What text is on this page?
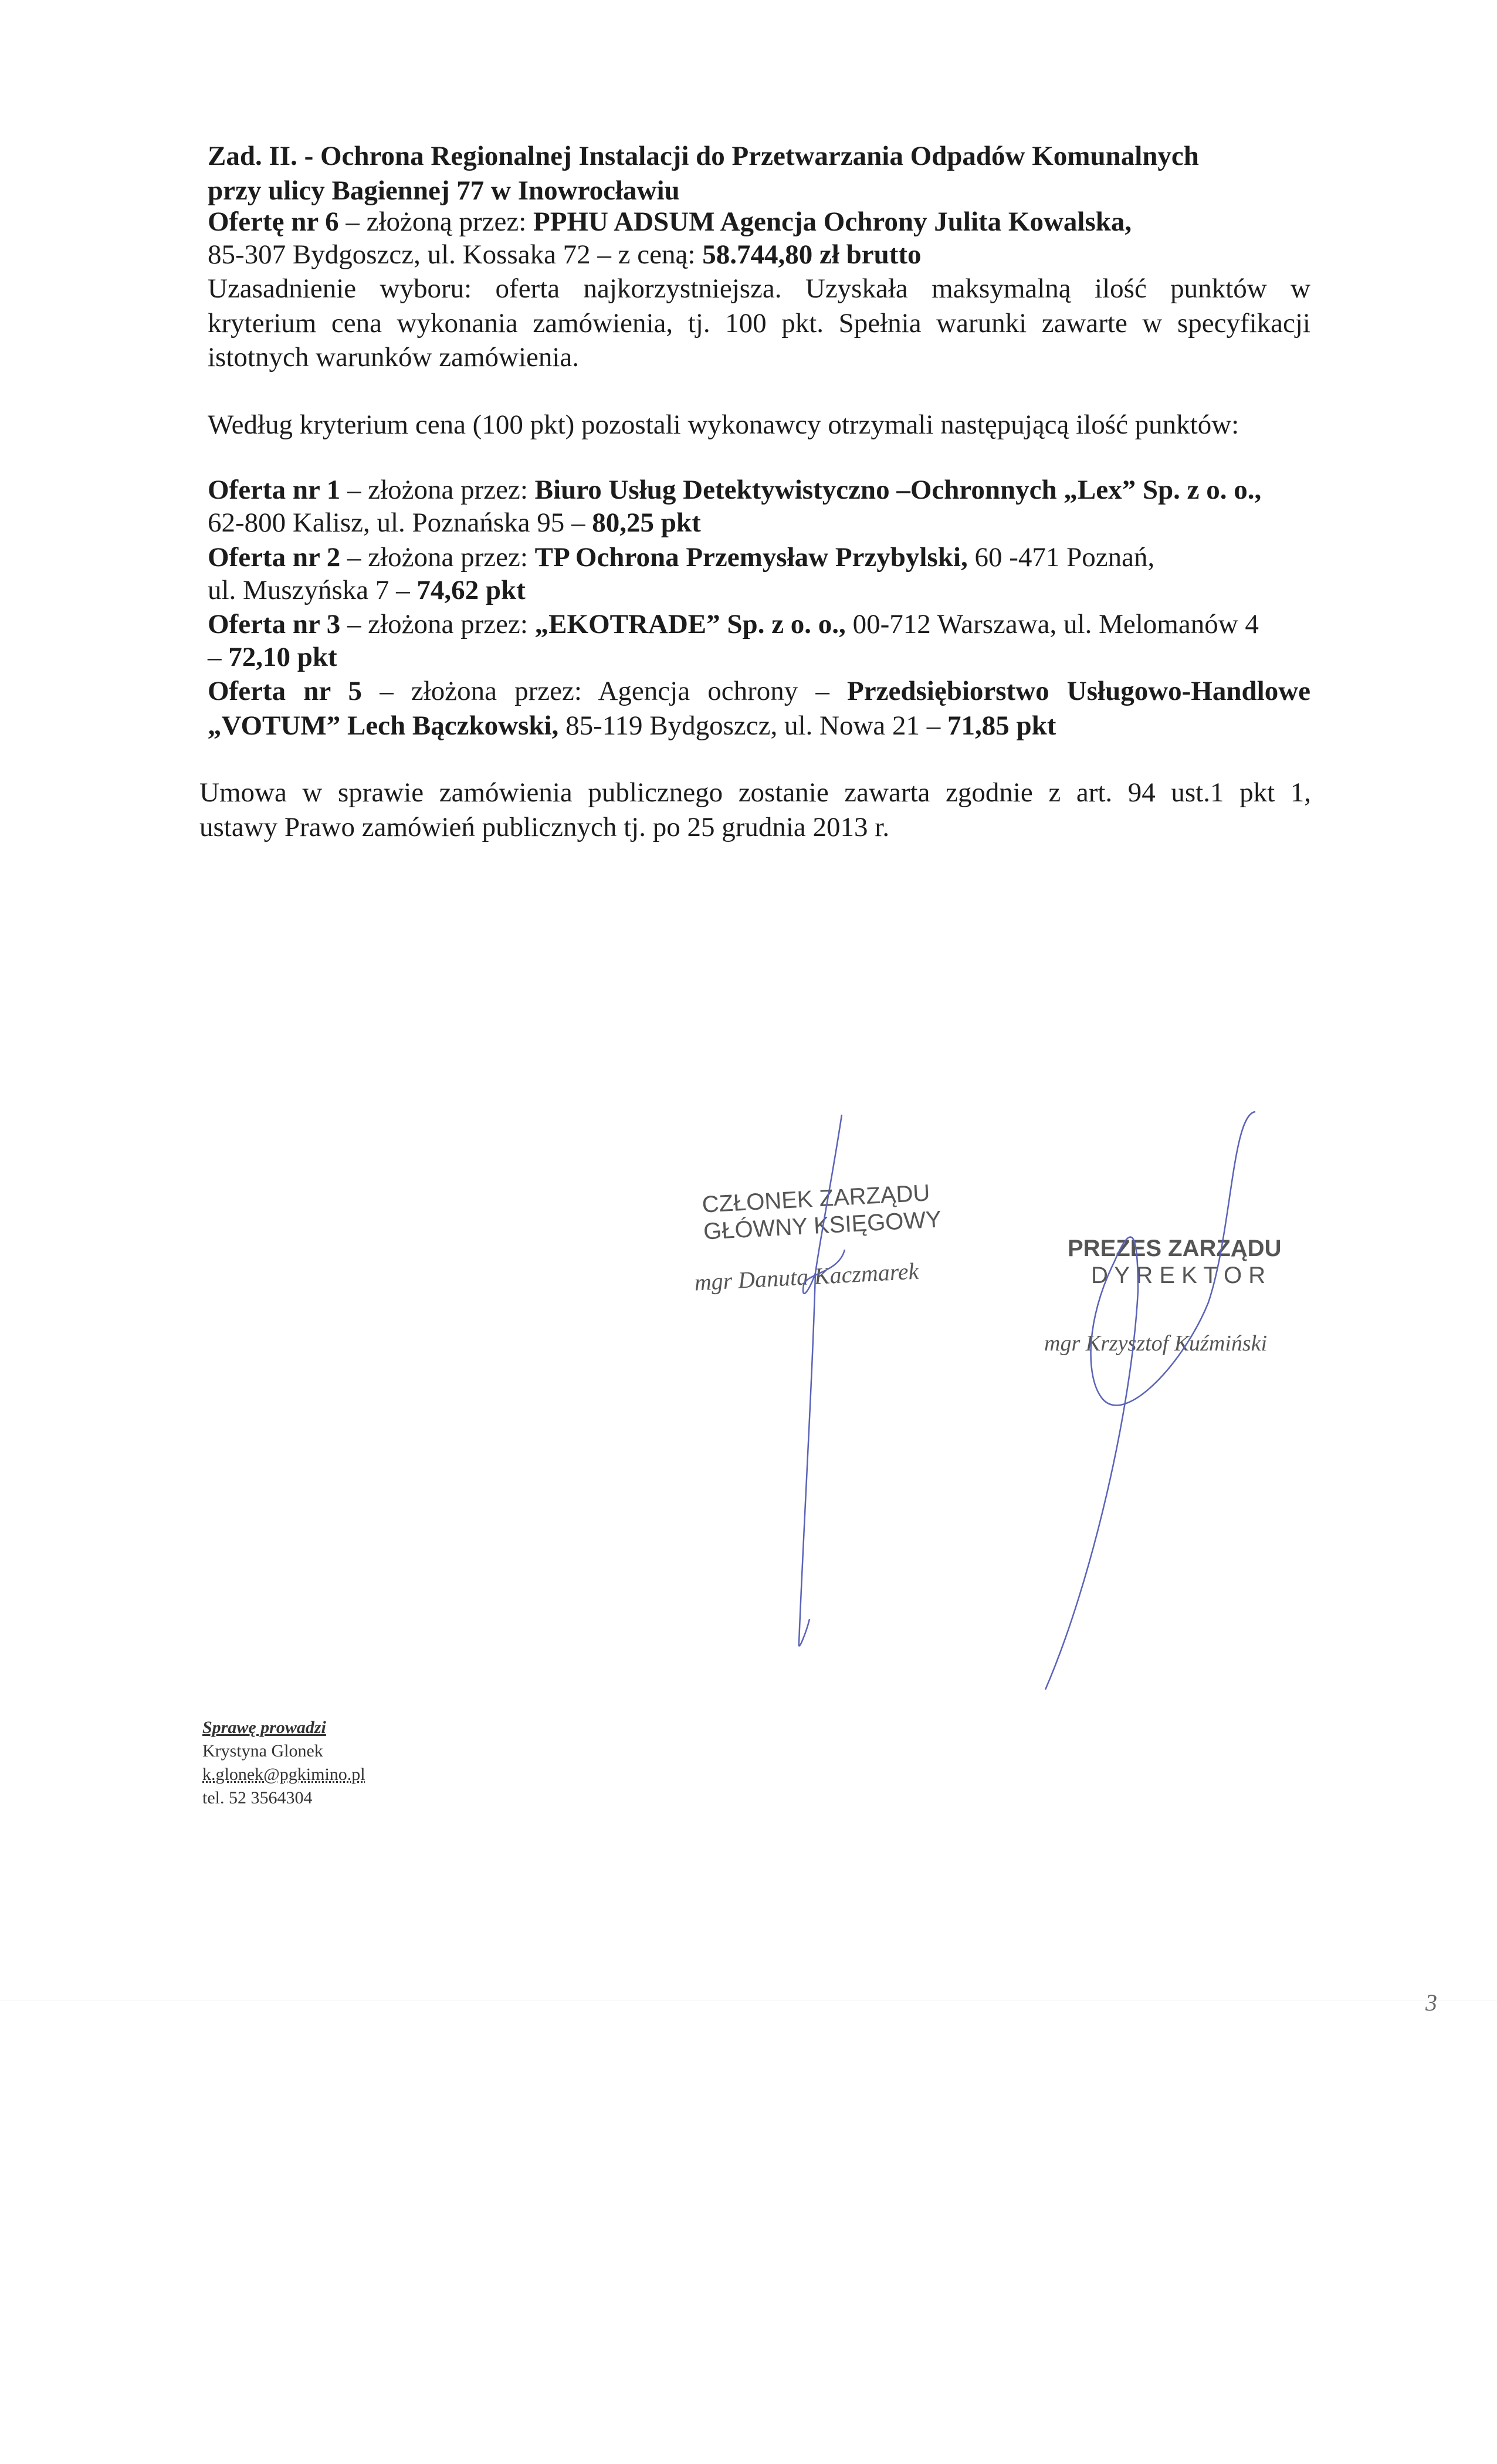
Zad. II. - Ochrona Regionalnej Instalacji do Przetwarzania Odpadów Komunalnych
przy ulicy Bagiennej 77 w Inowrocławiu
Ofertę nr 6 – złożoną przez: PPHU ADSUM Agencja Ochrony Julita Kowalska,
85-307 Bydgoszcz, ul. Kossaka 72 – z ceną: 58.744,80 zł brutto
Uzasadnienie wyboru: oferta najkorzystniejsza. Uzyskała maksymalną ilość punktów w
kryterium cena wykonania zamówienia, tj. 100 pkt. Spełnia warunki zawarte w specyfikacji
istotnych warunków zamówienia.
Według kryterium cena (100 pkt) pozostali wykonawcy otrzymali następującą ilość punktów:
Oferta nr 1 – złożona przez: Biuro Usług Detektywistyczno –Ochronnych „Lex” Sp. z o. o.,
62-800 Kalisz, ul. Poznańska 95 – 80,25 pkt
Oferta nr 2 – złożona przez: TP Ochrona Przemysław Przybylski, 60 -471 Poznań,
ul. Muszyńska 7 – 74,62 pkt
Oferta nr 3 – złożona przez: „EKOTRADE” Sp. z o. o., 00-712 Warszawa, ul. Melomanów 4
– 72,10 pkt
Oferta nr 5 – złożona przez: Agencja ochrony – Przedsiębiorstwo Usługowo-Handlowe
„VOTUM” Lech Bączkowski, 85-119 Bydgoszcz, ul. Nowa 21 – 71,85 pkt
Umowa w sprawie zamówienia publicznego zostanie zawarta zgodnie z art. 94 ust.1 pkt 1,
ustawy Prawo zamówień publicznych tj. po 25 grudnia 2013 r.
CZŁONEK ZARZĄDU
GŁÓWNY KSIĘGOWY
mgr Danuta Kaczmarek
PREZES ZARZĄDU
D Y R E K T O R
mgr Krzysztof Kuźmiński
Sprawę prowadzi
Krystyna Glonek
k.glonek@pgkimino.pl
tel. 52 3564304
3
